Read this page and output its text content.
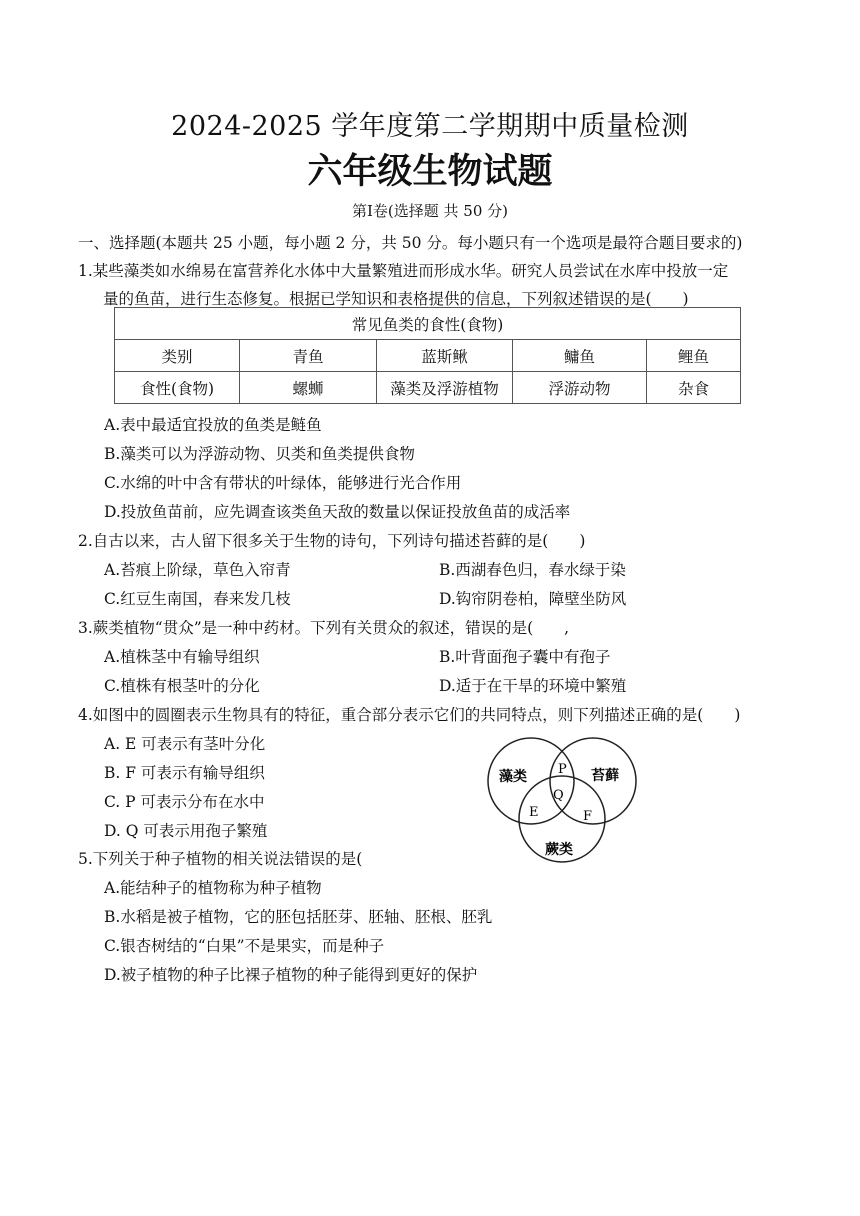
2024-2025 学年度第二学期期中质量检测
六年级生物试题
第Ⅰ卷(选择题 共 50 分)
一、选择题(本题共 25 小题，每小题 2 分，共 50 分。每小题只有一个选项是最符合题目要求的)
1.某些藻类如水绵易在富营养化水体中大量繁殖进而形成水华。研究人员尝试在水库中投放一定
量的鱼苗，进行生态修复。根据已学知识和表格提供的信息，下列叙述错误的是(　　)
常见鱼类的食性(食物)				
类别	青鱼	蓝斯鳅	鳙鱼	鲤鱼
食性(食物)	螺蛳	藻类及浮游植物	浮游动物	杂食
A.表中最适宜投放的鱼类是鲢鱼
B.藻类可以为浮游动物、贝类和鱼类提供食物
C.水绵的叶中含有带状的叶绿体，能够进行光合作用
D.投放鱼苗前，应先调查该类鱼天敌的数量以保证投放鱼苗的成活率
2.自古以来，古人留下很多关于生物的诗句，下列诗句描述苔藓的是(　　)
A.苔痕上阶绿，草色入帘青	B.西湖春色归，春水绿于染
C.红豆生南国，春来发几枝	D.钩帘阴卷柏，障壁坐防风
3.蕨类植物“贯众”是一种中药材。下列有关贯众的叙述，错误的是(　　,
A.植株茎中有输导组织	B.叶背面孢子囊中有孢子
C.植株有根茎叶的分化	D.适于在干旱的环境中繁殖
4.如图中的圆圈表示生物具有的特征，重合部分表示它们的共同特点，则下列描述正确的是(　　)
A. E 可表示有茎叶分化
B. F 可表示有输导组织
C. P 可表示分布在水中
D. Q 可表示用孢子繁殖
藻类	苔藓
蕨类
P
Q
E	F
5.下列关于种子植物的相关说法错误的是(
A.能结种子的植物称为种子植物
B.水稻是被子植物，它的胚包括胚芽、胚轴、胚根、胚乳
C.银杏树结的“白果”不是果实，而是种子
D.被子植物的种子比裸子植物的种子能得到更好的保护
